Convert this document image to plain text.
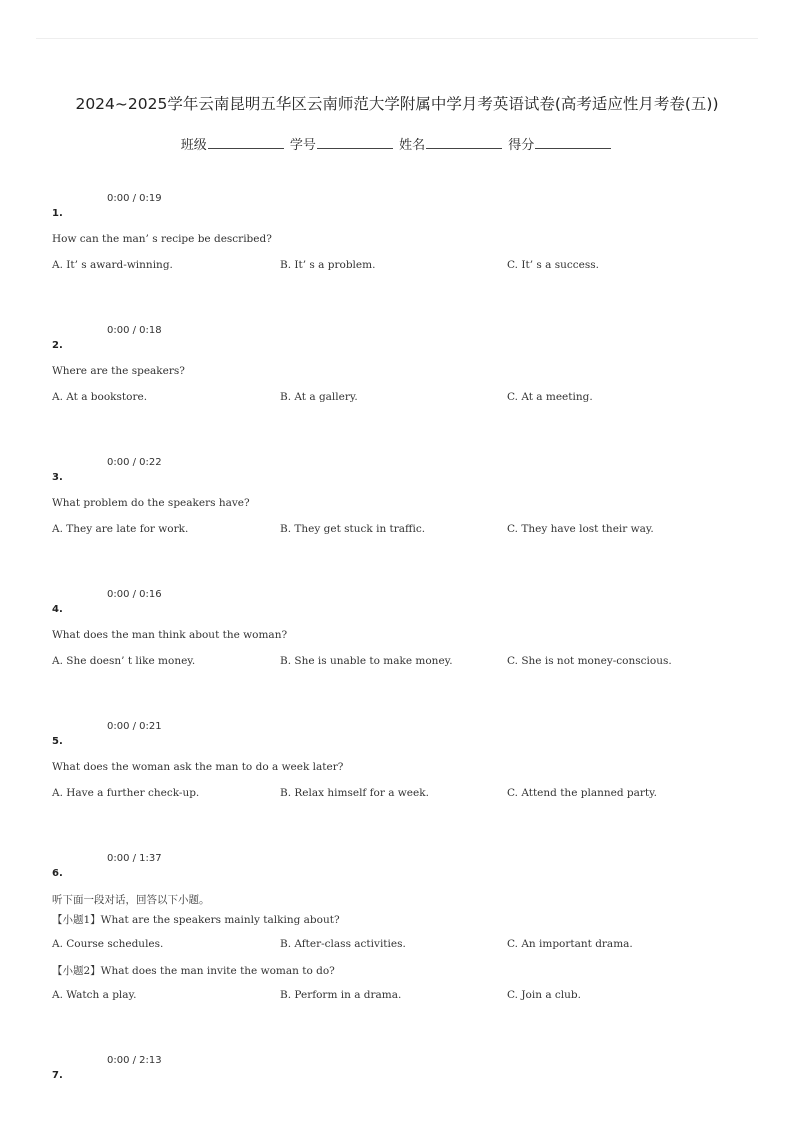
2024~2025学年云南昆明五华区云南师范大学附属中学月考英语试卷(高考适应性月考卷(五))
班级	学号	姓名	得分
0:00 / 0:19
1.
How can the man’ s recipe be described?
A. It’ s award-winning.	B. It’ s a problem.	C. It’ s a success.
0:00 / 0:18
2.
Where are the speakers?
A. At a bookstore.	B. At a gallery.	C. At a meeting.
0:00 / 0:22
3.
What problem do the speakers have?
A. They are late for work.	B. They get stuck in traffic.	C. They have lost their way.
0:00 / 0:16
4.
What does the man think about the woman?
A. She doesn’ t like money.	B. She is unable to make money.	C. She is not money-conscious.
0:00 / 0:21
5.
What does the woman ask the man to do a week later?
A. Have a further check-up.	B. Relax himself for a week.	C. Attend the planned party.
0:00 / 1:37
6.
听下面一段对话，回答以下小题。
【小题1】What are the speakers mainly talking about?
A. Course schedules.	B. After-class activities.	C. An important drama.
【小题2】What does the man invite the woman to do?
A. Watch a play.	B. Perform in a drama.	C. Join a club.
0:00 / 2:13
7.
